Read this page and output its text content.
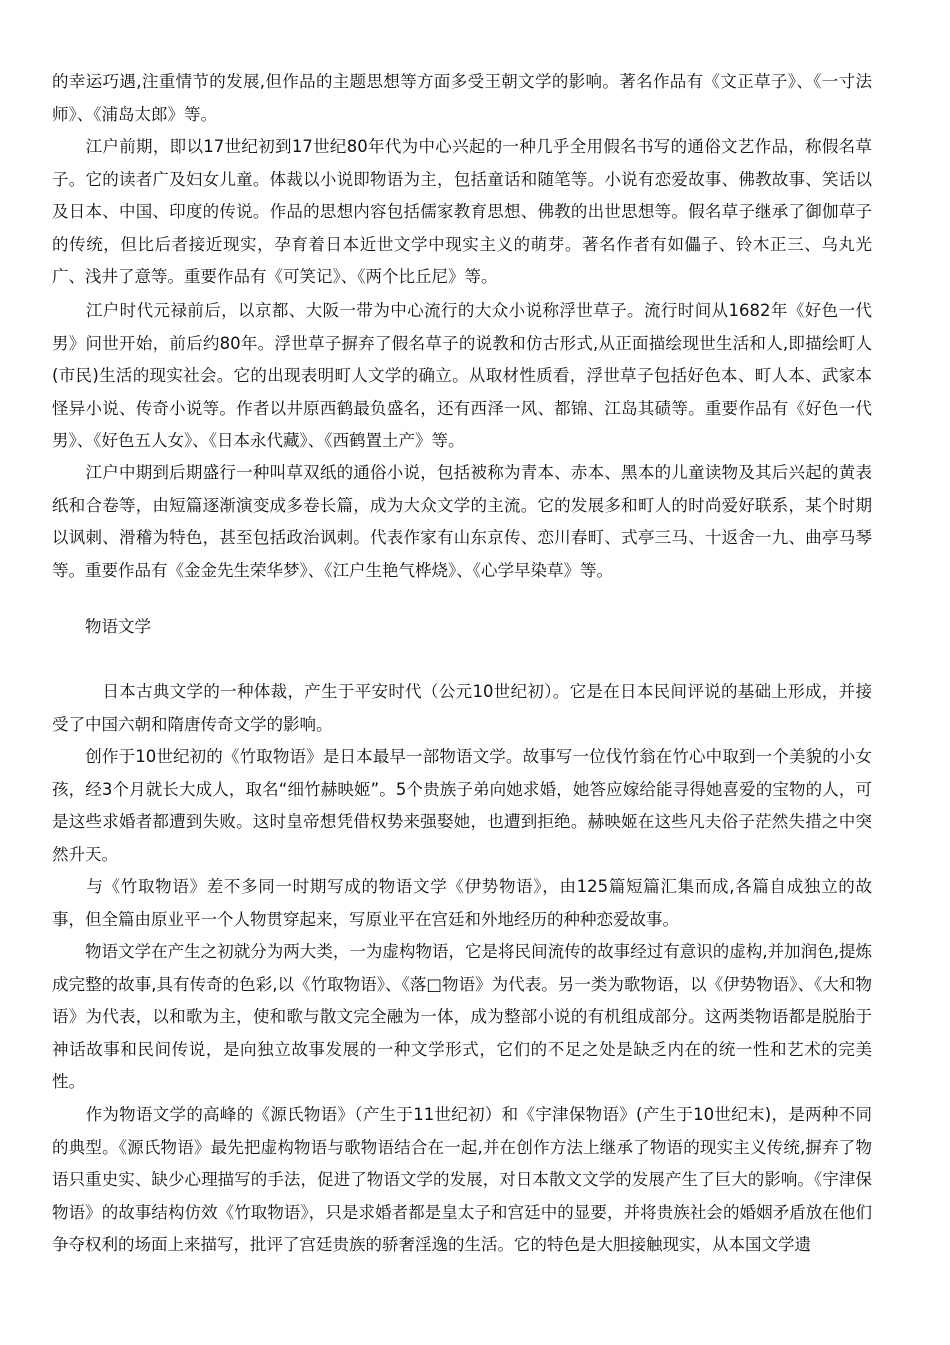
的幸运巧遇,注重情节的发展,但作品的主题思想等方面多受王朝文学的影响。著名作品有《文正草子》、《一寸法师》、《浦岛太郎》等。

　　江户前期，即以17世纪初到17世纪80年代为中心兴起的一种几乎全用假名书写的通俗文艺作品，称假名草子。它的读者广及妇女儿童。体裁以小说即物语为主，包括童话和随笔等。小说有恋爱故事、佛教故事、笑话以及日本、中国、印度的传说。作品的思想内容包括儒家教育思想、佛教的出世思想等。假名草子继承了御伽草子的传统，但比后者接近现实，孕育着日本近世文学中现实主义的萌芽。著名作者有如儡子、铃木正三、乌丸光广、浅井了意等。重要作品有《可笑记》、《两个比丘尼》等。

　　江户时代元禄前后，以京都、大阪一带为中心流行的大众小说称浮世草子。流行时间从1682年《好色一代男》问世开始，前后约80年。浮世草子摒弃了假名草子的说教和仿古形式,从正面描绘现世生活和人,即描绘町人(市民)生活的现实社会。它的出现表明町人文学的确立。从取材性质看，浮世草子包括好色本、町人本、武家本怪异小说、传奇小说等。作者以井原西鹤最负盛名，还有西泽一风、都锦、江岛其碛等。重要作品有《好色一代男》、《好色五人女》、《日本永代藏》、《西鹤置土产》等。

　　江户中期到后期盛行一种叫草双纸的通俗小说，包括被称为青本、赤本、黑本的儿童读物及其后兴起的黄表纸和合卷等，由短篇逐渐演变成多卷长篇，成为大众文学的主流。它的发展多和町人的时尚爱好联系，某个时期以讽刺、滑稽为特色，甚至包括政治讽刺。代表作家有山东京传、恋川春町、式亭三马、十返舍一九、曲亭马琴等。重要作品有《金金先生荣华梦》、《江户生艳气桦烧》、《心学早染草》等。

物语文学

　　　日本古典文学的一种体裁，产生于平安时代（公元10世纪初）。它是在日本民间评说的基础上形成，并接受了中国六朝和隋唐传奇文学的影响。

　　创作于10世纪初的《竹取物语》是日本最早一部物语文学。故事写一位伐竹翁在竹心中取到一个美貌的小女孩，经3个月就长大成人，取名“细竹赫映姬”。5个贵族子弟向她求婚，她答应嫁给能寻得她喜爱的宝物的人，可是这些求婚者都遭到失败。这时皇帝想凭借权势来强娶她，也遭到拒绝。赫映姬在这些凡夫俗子茫然失措之中突然升天。

　　与《竹取物语》差不多同一时期写成的物语文学《伊势物语》，由125篇短篇汇集而成,各篇自成独立的故事，但全篇由原业平一个人物贯穿起来，写原业平在宫廷和外地经历的种种恋爱故事。

　　物语文学在产生之初就分为两大类，一为虚构物语，它是将民间流传的故事经过有意识的虚构,并加润色,提炼成完整的故事,具有传奇的色彩,以《竹取物语》、《落□物语》为代表。另一类为歌物语，以《伊势物语》、《大和物语》为代表，以和歌为主，使和歌与散文完全融为一体，成为整部小说的有机组成部分。这两类物语都是脱胎于神话故事和民间传说，是向独立故事发展的一种文学形式，它们的不足之处是缺乏内在的统一性和艺术的完美性。

　　作为物语文学的高峰的《源氏物语》（产生于11世纪初）和《宇津保物语》(产生于10世纪末)，是两种不同的典型。《源氏物语》最先把虚构物语与歌物语结合在一起,并在创作方法上继承了物语的现实主义传统,摒弃了物语只重史实、缺少心理描写的手法，促进了物语文学的发展，对日本散文文学的发展产生了巨大的影响。《宇津保物语》的故事结构仿效《竹取物语》，只是求婚者都是皇太子和宫廷中的显要，并将贵族社会的婚姻矛盾放在他们争夺权利的场面上来描写，批评了宫廷贵族的骄奢淫逸的生活。它的特色是大胆接触现实，从本国文学遗
